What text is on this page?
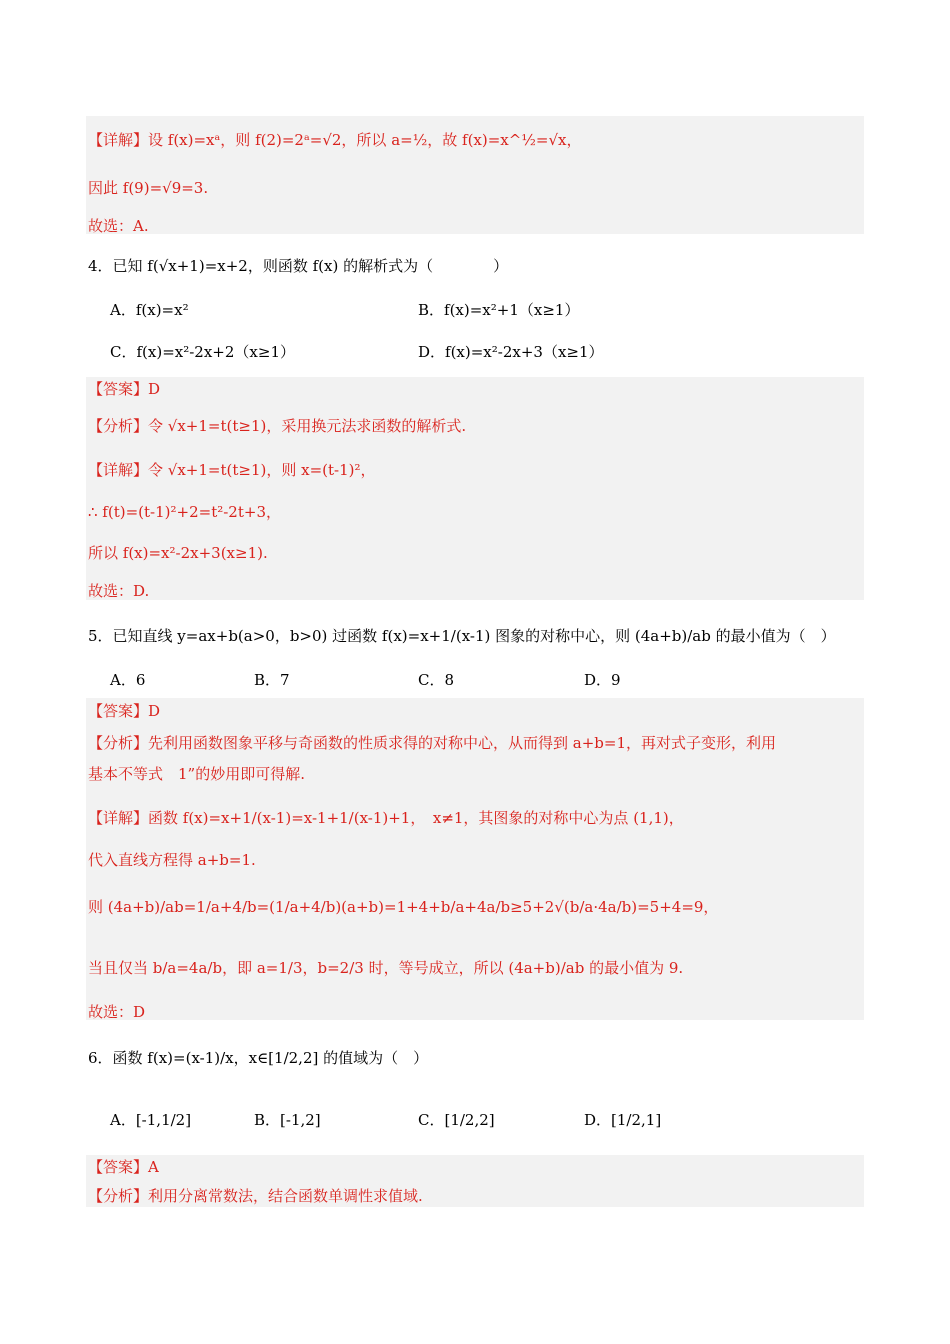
【详解】设 f(x)=xᵃ，则 f(2)=2ᵃ=√2，所以 a=½，故 f(x)=x^½=√x，
因此 f(9)=√9=3.
故选：A.
4．已知 f(√x+1)=x+2，则函数 f(x) 的解析式为（　　　　）
A．f(x)=x²	B．f(x)=x²+1（x≥1）
C．f(x)=x²-2x+2（x≥1）	D．f(x)=x²-2x+3（x≥1）
【答案】D
【分析】令 √x+1=t(t≥1)，采用换元法求函数的解析式.
【详解】令 √x+1=t(t≥1)，则 x=(t-1)²，
∴ f(t)=(t-1)²+2=t²-2t+3，
所以 f(x)=x²-2x+3(x≥1).
故选：D.
5．已知直线 y=ax+b(a>0，b>0) 过函数 f(x)=x+1/(x-1) 图象的对称中心，则 (4a+b)/ab 的最小值为（　）
A．6	B．7	C．8	D．9
【答案】D
【分析】先利用函数图象平移与奇函数的性质求得的对称中心，从而得到 a+b=1，再对式子变形，利用
基本不等式　1”的妙用即可得解.
【详解】函数 f(x)=x+1/(x-1)=x-1+1/(x-1)+1，　x≠1，其图象的对称中心为点 (1,1)，
代入直线方程得 a+b=1.
则 (4a+b)/ab=1/a+4/b=(1/a+4/b)(a+b)=1+4+b/a+4a/b≥5+2√(b/a·4a/b)=5+4=9，
当且仅当 b/a=4a/b，即 a=1/3，b=2/3 时，等号成立，所以 (4a+b)/ab 的最小值为 9.
故选：D
6．函数 f(x)=(x-1)/x，x∈[1/2,2] 的值域为（　）
A．[-1,1/2]	B．[-1,2]	C．[1/2,2]	D．[1/2,1]
【答案】A
【分析】利用分离常数法，结合函数单调性求值域.
